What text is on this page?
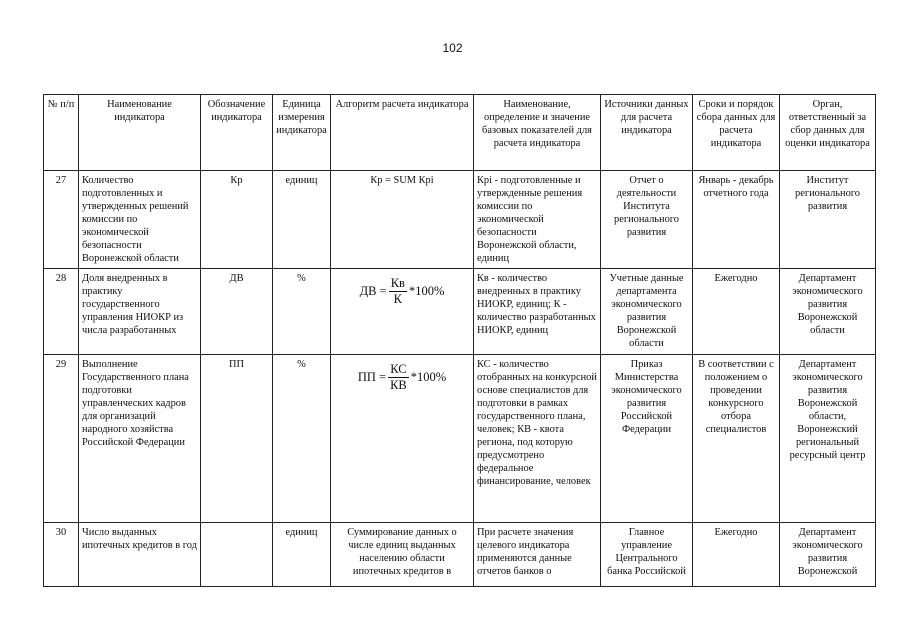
102
№ п/п	Наименование индикатора	Обозначение индикатора	Единица измерения индикатора	Алгоритм расчета индикатора	Наименование, определение и значение базовых показателей для расчета индикатора	Источники данных для расчета индикатора	Сроки и порядок сбора данных для расчета индикатора	Орган, ответственный за сбор данных для оценки индикатора
27	Количество подготовленных и утвержденных решений комиссии по экономической безопасности Воронежской области	Кр	единиц	Кр = SUM Крi	Крi - подготовленные и утвержденные решения комиссии по экономической безопасности Воронежской области, единиц	Отчет о деятельности Института регионального развития	Январь - декабрь отчетного года	Институт регионального развития
28	Доля внедренных в практику государственного управления НИОКР из числа разработанных	ДВ	%	ДВ = $\frac{Кв}{К} *100\%$	Кв - количество внедренных в практику НИОКР, единиц; К - количество разработанных НИОКР, единиц	Учетные данные департамента экономического развития Воронежской области	Ежегодно	Департамент экономического развития Воронежской области
29	Выполнение Государственного плана подготовки управленческих кадров для организаций народного хозяйства Российской Федерации	ПП	%	ПП = $\frac{КС}{КВ} *100\%$	КС - количество отобранных на конкурсной основе специалистов для подготовки в рамках государственного плана, человек; КВ - квота региона, под которую предусмотрено федеральное финансирование, человек	Приказ Министерства экономического развития Российской Федерации	В соответствии с положением о проведении конкурсного отбора специалистов	Департамент экономического развития Воронежской области, Воронежский региональный ресурсный центр
30	Число выданных ипотечных кредитов в год		единиц	Суммирование данных о числе единиц выданных населению области ипотечных кредитов в	При расчете значения целевого индикатора применяются данные отчетов банков о	Главное управление Центрального банка Российской	Ежегодно	Департамент экономического развития Воронежской
